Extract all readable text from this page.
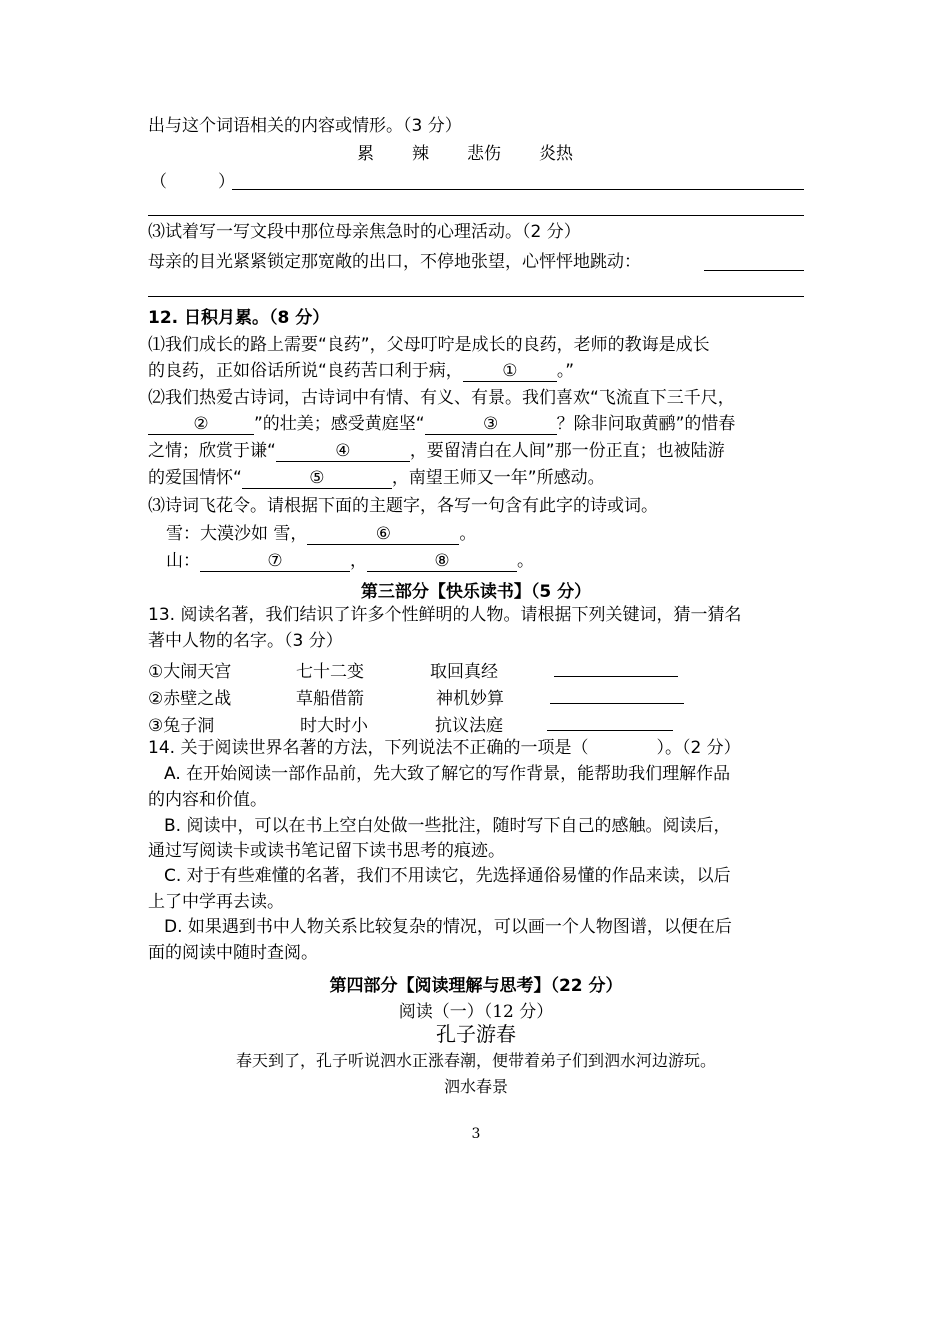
出与这个词语相关的内容或情形。（3 分）
累 辣 悲伤 炎热
（　　　）
⑶试着写一写文段中那位母亲焦急时的心理活动。（2 分）
母亲的目光紧紧锁定那宽敞的出口，不停地张望，心怦怦地跳动：
12. 日积月累。（8 分）
⑴我们成长的路上需要“良药”，父母叮咛是成长的良药，老师的教诲是成长
的良药，正如俗话所说“良药苦口利于病， ① 。”
⑵我们热爱古诗词，古诗词中有情、有义、有景。我们喜欢“飞流直下三千尺，
②	”的壮美；感受黄庭坚“	③	？除非问取黄鹂”的惜春
之情；欣赏于谦“	④	，要留清白在人间”那一份正直；也被陆游
的爱国情怀“	⑤	，南望王师又一年”所感动。
⑶诗词飞花令。请根据下面的主题字，各写一句含有此字的诗或词。
雪：大漠沙如 雪，	⑥	。
山：	⑦	，	⑧	。
第三部分【快乐读书】（5 分）
13. 阅读名著，我们结识了许多个性鲜明的人物。请根据下列关键词，猜一猜名
著中人物的名字。（3 分）
①大闹天宫	七十二变	取回真经
②赤壁之战	草船借箭	神机妙算
③兔子洞	时大时小	抗议法庭
14. 关于阅读世界名著的方法，下列说法不正确的一项是（　　　　）。（2 分）
A. 在开始阅读一部作品前，先大致了解它的写作背景，能帮助我们理解作品
的内容和价值。
B. 阅读中，可以在书上空白处做一些批注，随时写下自己的感触。阅读后，
通过写阅读卡或读书笔记留下读书思考的痕迹。
C. 对于有些难懂的名著，我们不用读它，先选择通俗易懂的作品来读，以后
上了中学再去读。
D. 如果遇到书中人物关系比较复杂的情况，可以画一个人物图谱，以便在后
面的阅读中随时查阅。
第四部分【阅读理解与思考】（22 分）
阅读（一）（12 分）
孔子游春
春天到了，孔子听说泗水正涨春潮，便带着弟子们到泗水河边游玩。
泗水春景
3
